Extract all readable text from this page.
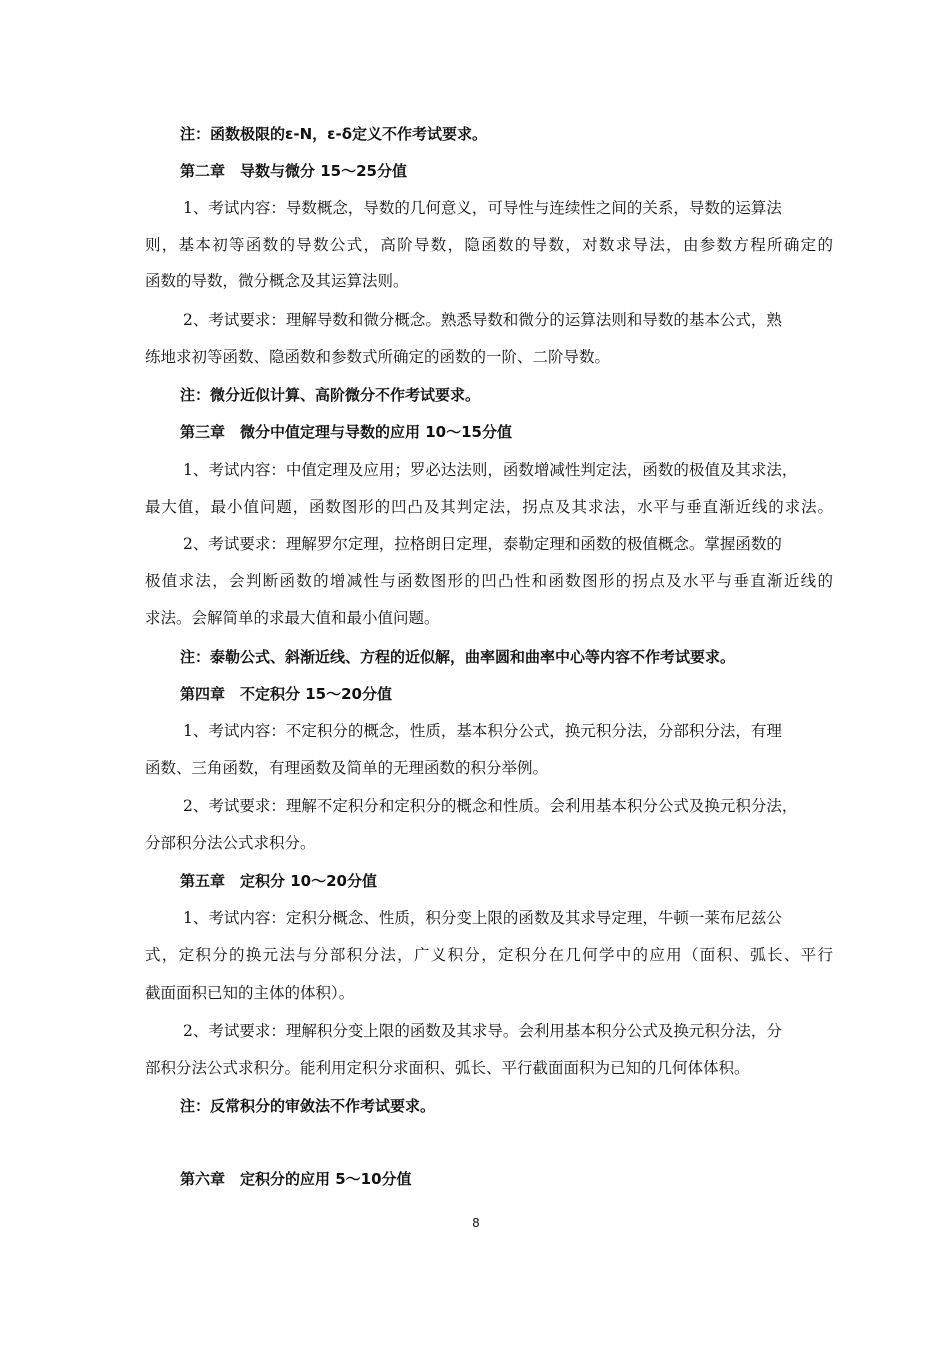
注：函数极限的ε-N，ε-δ定义不作考试要求。
第二章　导数与微分 15～25分值
1、考试内容：导数概念，导数的几何意义，可导性与连续性之间的关系，导数的运算法
则，基本初等函数的导数公式，高阶导数，隐函数的导数，对数求导法，由参数方程所确定的
函数的导数，微分概念及其运算法则。
2、考试要求：理解导数和微分概念。熟悉导数和微分的运算法则和导数的基本公式，熟
练地求初等函数、隐函数和参数式所确定的函数的一阶、二阶导数。
注：微分近似计算、高阶微分不作考试要求。
第三章　微分中值定理与导数的应用 10～15分值
1、考试内容：中值定理及应用；罗必达法则，函数增减性判定法，函数的极值及其求法，
最大值，最小值问题，函数图形的凹凸及其判定法，拐点及其求法，水平与垂直渐近线的求法。
2、考试要求：理解罗尔定理，拉格朗日定理，泰勒定理和函数的极值概念。掌握函数的
极值求法，会判断函数的增减性与函数图形的凹凸性和函数图形的拐点及水平与垂直渐近线的
求法。会解简单的求最大值和最小值问题。
注：泰勒公式、斜渐近线、方程的近似解，曲率圆和曲率中心等内容不作考试要求。
第四章　不定积分 15～20分值
1、考试内容：不定积分的概念，性质，基本积分公式，换元积分法，分部积分法，有理
函数、三角函数，有理函数及简单的无理函数的积分举例。
2、考试要求：理解不定积分和定积分的概念和性质。会利用基本积分公式及换元积分法，
分部积分法公式求积分。
第五章　定积分 10～20分值
1、考试内容：定积分概念、性质，积分变上限的函数及其求导定理，牛顿一莱布尼兹公
式，定积分的换元法与分部积分法，广义积分，定积分在几何学中的应用（面积、弧长、平行
截面面积已知的主体的体积）。
2、考试要求：理解积分变上限的函数及其求导。会利用基本积分公式及换元积分法，分
部积分法公式求积分。能利用定积分求面积、弧长、平行截面面积为已知的几何体体积。
注：反常积分的审敛法不作考试要求。
第六章　定积分的应用 5～10分值
8
